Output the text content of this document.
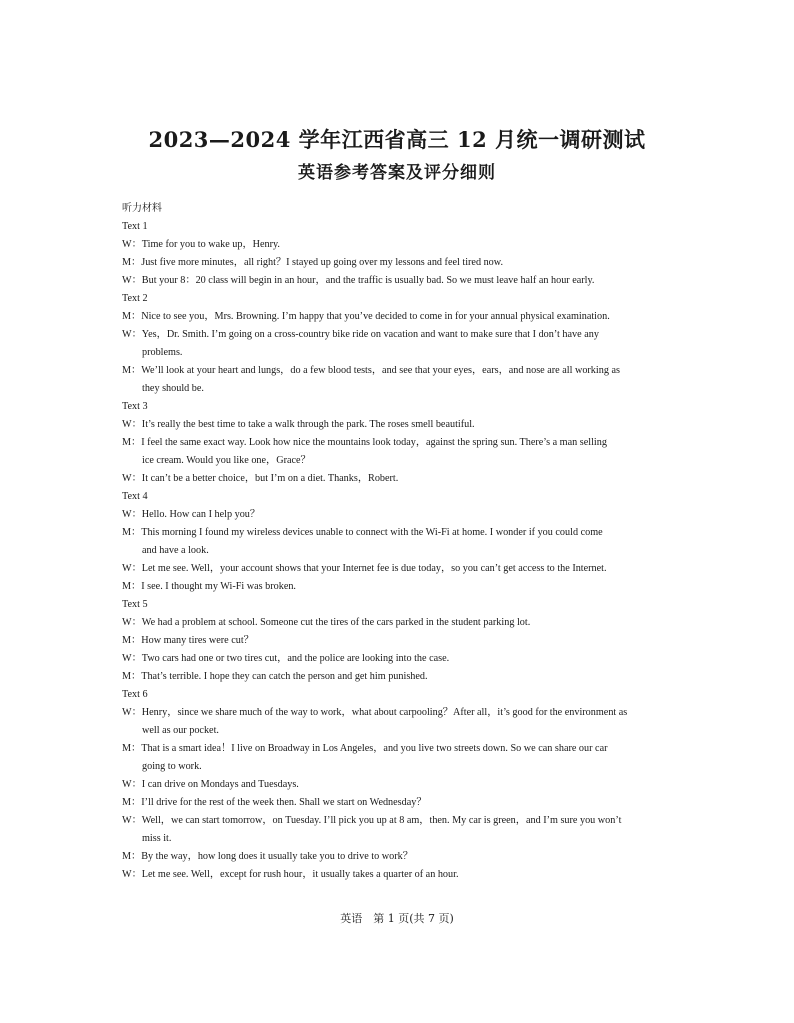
2023—2024 学年江西省高三 12 月统一调研测试
英语参考答案及评分细则
听力材料
Text 1
W：Time for you to wake up，Henry.
M：Just five more minutes，all right？I stayed up going over my lessons and feel tired now.
W：But your 8：20 class will begin in an hour，and the traffic is usually bad. So we must leave half an hour early.
Text 2
M：Nice to see you，Mrs. Browning. I’m happy that you’ve decided to come in for your annual physical examination.
W：Yes，Dr. Smith. I’m going on a cross-country bike ride on vacation and want to make sure that I don’t have any
problems.
M：We’ll look at your heart and lungs，do a few blood tests，and see that your eyes，ears，and nose are all working as
they should be.
Text 3
W：It’s really the best time to take a walk through the park. The roses smell beautiful.
M：I feel the same exact way. Look how nice the mountains look today，against the spring sun. There’s a man selling
ice cream. Would you like one，Grace？
W：It can’t be a better choice，but I’m on a diet. Thanks，Robert.
Text 4
W：Hello. How can I help you？
M：This morning I found my wireless devices unable to connect with the Wi-Fi at home. I wonder if you could come
and have a look.
W：Let me see. Well，your account shows that your Internet fee is due today，so you can’t get access to the Internet.
M：I see. I thought my Wi-Fi was broken.
Text 5
W：We had a problem at school. Someone cut the tires of the cars parked in the student parking lot.
M：How many tires were cut？
W：Two cars had one or two tires cut，and the police are looking into the case.
M：That’s terrible. I hope they can catch the person and get him punished.
Text 6
W：Henry，since we share much of the way to work，what about carpooling？After all，it’s good for the environment as
well as our pocket.
M：That is a smart idea！I live on Broadway in Los Angeles，and you live two streets down. So we can share our car
going to work.
W：I can drive on Mondays and Tuesdays.
M：I’ll drive for the rest of the week then. Shall we start on Wednesday？
W：Well，we can start tomorrow，on Tuesday. I’ll pick you up at 8 am，then. My car is green，and I’m sure you won’t
miss it.
M：By the way，how long does it usually take you to drive to work？
W：Let me see. Well，except for rush hour，it usually takes a quarter of an hour.
英语　第 1 页(共 7 页)
